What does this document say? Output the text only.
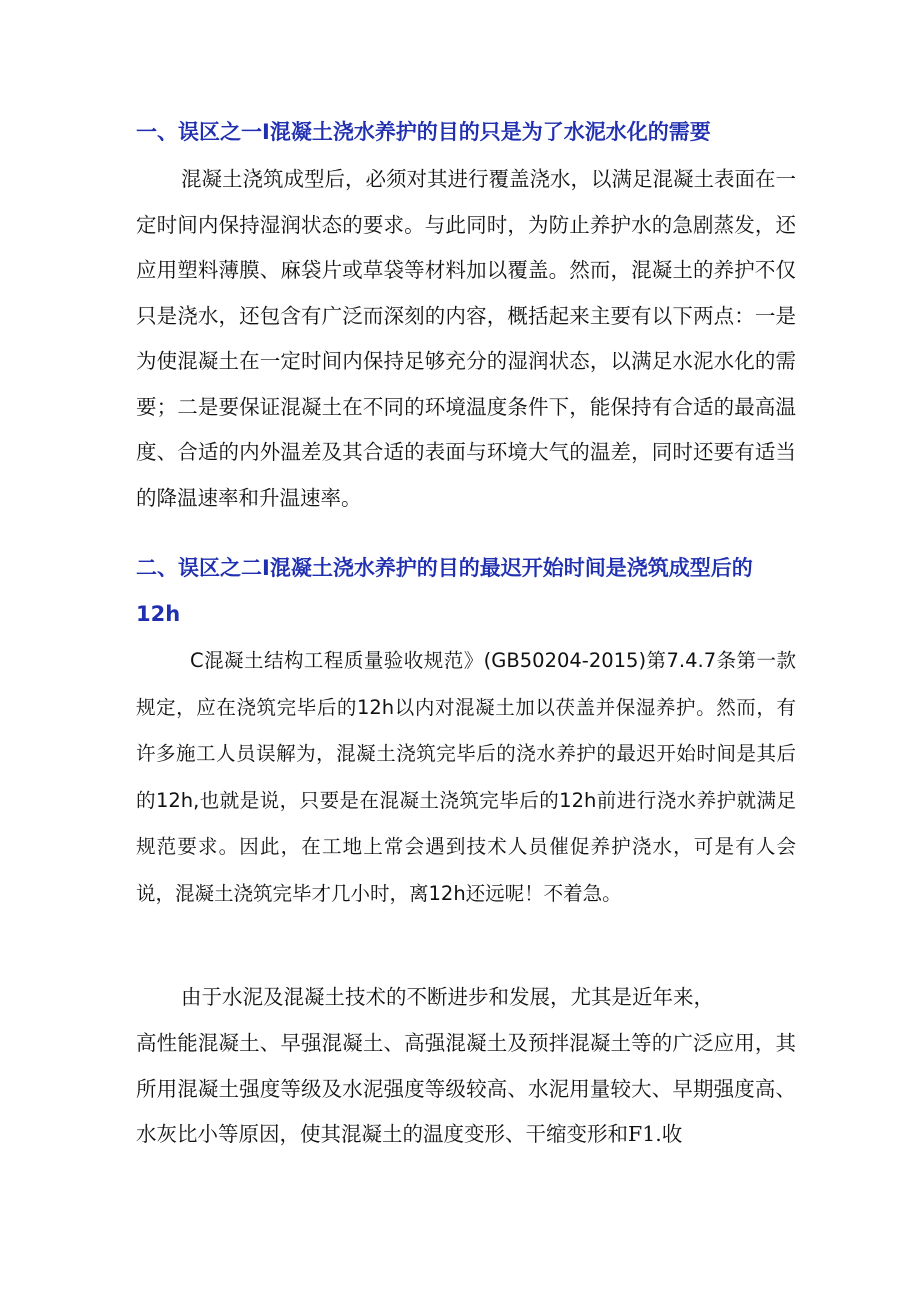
一、误区之一I混凝土浇水养护的目的只是为了水泥水化的需要

混凝土浇筑成型后，必须对其进行覆盖浇水，以满足混凝土表面在一定时间内保持湿润状态的要求。与此同时，为防止养护水的急剧蒸发，还应用塑料薄膜、麻袋片或草袋等材料加以覆盖。然而，混凝土的养护不仅只是浇水，还包含有广泛而深刻的内容，概括起来主要有以下两点：一是为使混凝土在一定时间内保持足够充分的湿润状态，以满足水泥水化的需要；二是要保证混凝土在不同的环境温度条件下，能保持有合适的最高温度、合适的内外温差及其合适的表面与环境大气的温差，同时还要有适当的降温速率和升温速率。

二、误区之二I混凝土浇水养护的目的最迟开始时间是浇筑成型后的12h

C混凝土结构工程质量验收规范》(GB50204-2015)第7.4.7条第一款规定，应在浇筑完毕后的12h以内对混凝土加以茯盖并保湿养护。然而，有许多施工人员误解为，混凝土浇筑完毕后的浇水养护的最迟开始时间是其后的12h,也就是说，只要是在混凝土浇筑完毕后的12h前进行浇水养护就满足规范要求。因此，在工地上常会遇到技术人员催促养护浇水，可是有人会说，混凝土浇筑完毕才几小时，离12h还远呢！不着急。

由于水泥及混凝土技术的不断进步和发展，尤其是近年来，

高性能混凝土、早强混凝土、高强混凝土及预拌混凝土等的广泛应用，其所用混凝土强度等级及水泥强度等级较高、水泥用量较大、早期强度高、水灰比小等原因，使其混凝土的温度变形、干缩变形和F1.收
